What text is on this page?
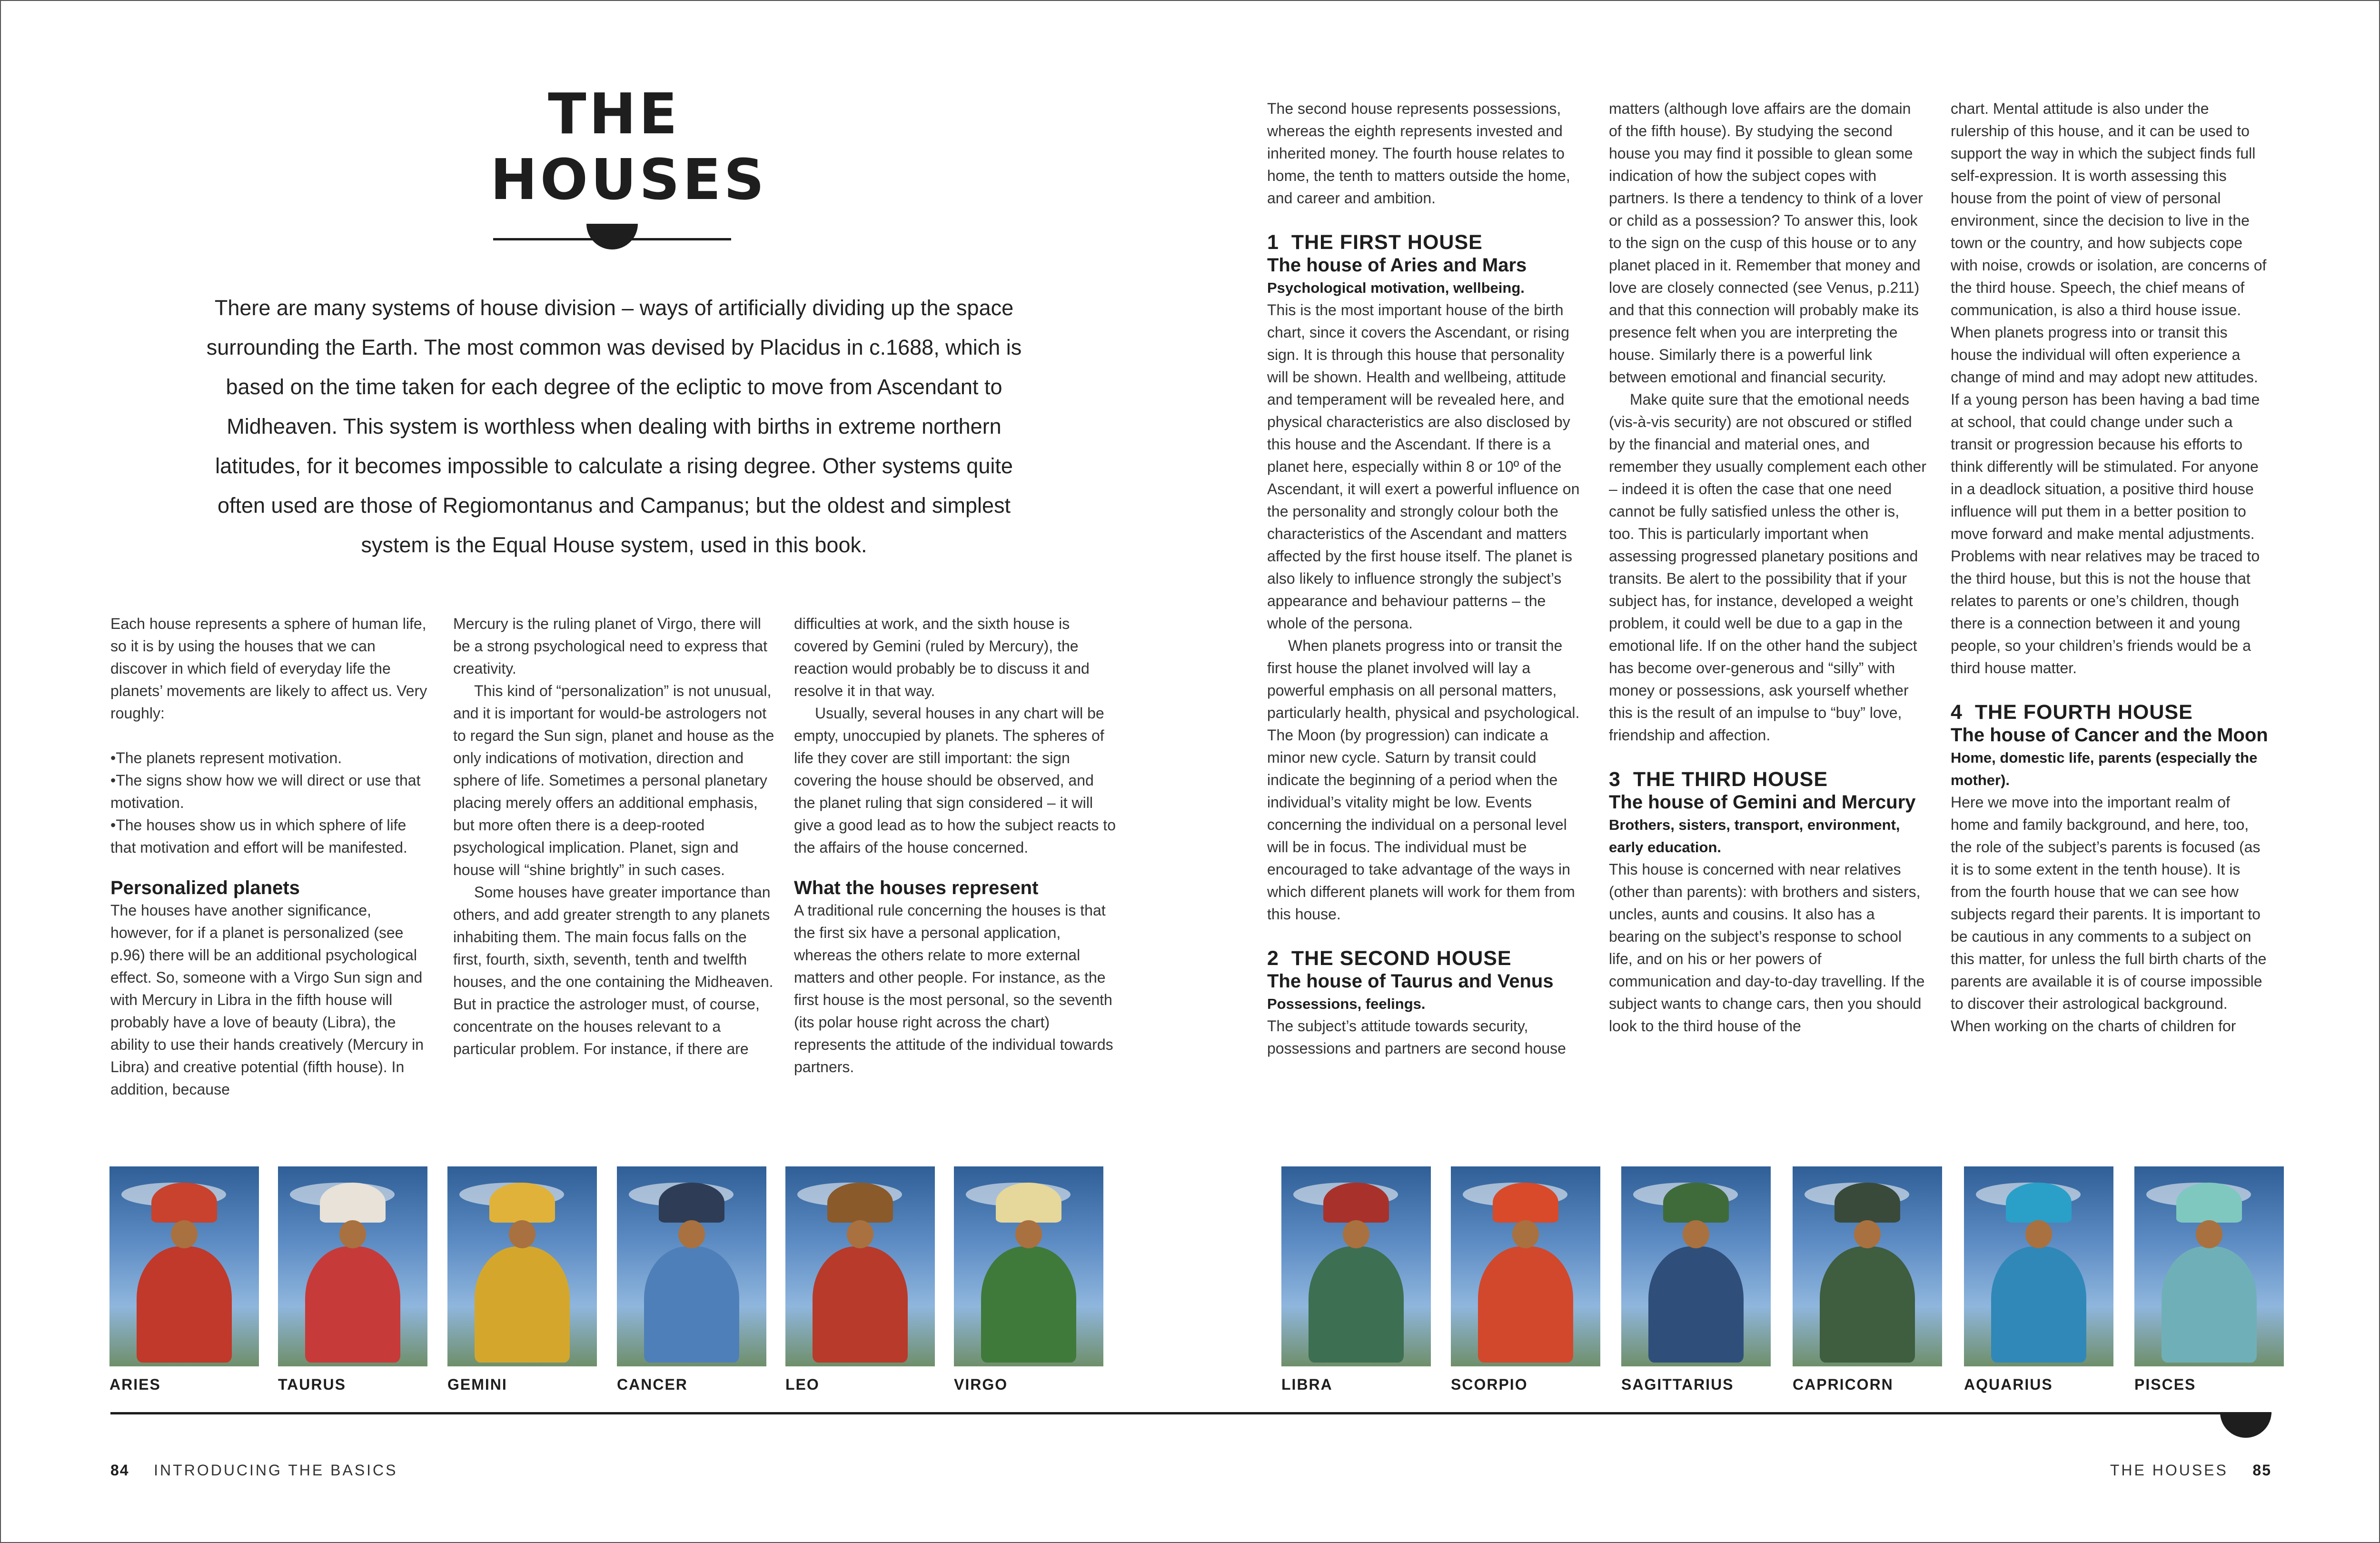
THE
HOUSES
There are many systems of house division – ways of artificially dividing up the space surrounding the Earth. The most common was devised by Placidus in c.1688, which is based on the time taken for each degree of the ecliptic to move from Ascendant to Midheaven. This system is worthless when dealing with births in extreme northern latitudes, for it becomes impossible to calculate a rising degree. Other systems quite often used are those of Regiomontanus and Campanus; but the oldest and simplest system is the Equal House system, used in this book.

Each house represents a sphere of human life, so it is by using the houses that we can discover in which field of everyday life the planets’ movements are likely to affect us. Very roughly:

• The planets represent motivation.

• The signs show how we will direct or use that motivation.

• The houses show us in which sphere of life that motivation and effort will be manifested.

Personalized planets

The houses have another significance, however, for if a planet is personalized (see p.96) there will be an additional psychological effect. So, someone with a Virgo Sun sign and with Mercury in Libra in the fifth house will probably have a love of beauty (Libra), the ability to use their hands creatively (Mercury in Libra) and creative potential (fifth house). In addition, because

Mercury is the ruling planet of Virgo, there will be a strong psychological need to express that creativity.

This kind of “personalization” is not unusual, and it is important for would-be astrologers not to regard the Sun sign, planet and house as the only indications of motivation, direction and sphere of life. Sometimes a personal planetary placing merely offers an additional emphasis, but more often there is a deep-rooted psychological implication. Planet, sign and house will “shine brightly” in such cases.

Some houses have greater importance than others, and add greater strength to any planets inhabiting them. The main focus falls on the first, fourth, sixth, seventh, tenth and twelfth houses, and the one containing the Midheaven. But in practice the astrologer must, of course, concentrate on the houses relevant to a particular problem. For instance, if there are

difficulties at work, and the sixth house is covered by Gemini (ruled by Mercury), the reaction would probably be to discuss it and resolve it in that way.

Usually, several houses in any chart will be empty, unoccupied by planets. The spheres of life they cover are still important: the sign covering the house should be observed, and the planet ruling that sign considered – it will give a good lead as to how the subject reacts to the affairs of the house concerned.

What the houses represent

A traditional rule concerning the houses is that the first six have a personal application, whereas the others relate to more external matters and other people. For instance, as the first house is the most personal, so the seventh (its polar house right across the chart) represents the attitude of the individual towards partners.

The second house represents possessions, whereas the eighth represents invested and inherited money. The fourth house relates to home, the tenth to matters outside the home, and career and ambition.

1 THE FIRST HOUSE
The house of Aries and Mars
Psychological motivation, wellbeing.

This is the most important house of the birth chart, since it covers the Ascendant, or rising sign. It is through this house that personality will be shown. Health and wellbeing, attitude and temperament will be revealed here, and physical characteristics are also disclosed by this house and the Ascendant. If there is a planet here, especially within 8 or 10º of the Ascendant, it will exert a powerful influence on the personality and strongly colour both the characteristics of the Ascendant and matters affected by the first house itself. The planet is also likely to influence strongly the subject’s appearance and behaviour patterns – the whole of the persona.

When planets progress into or transit the first house the planet involved will lay a powerful emphasis on all personal matters, particularly health, physical and psychological. The Moon (by progression) can indicate a minor new cycle. Saturn by transit could indicate the beginning of a period when the individual’s vitality might be low. Events concerning the individual on a personal level will be in focus. The individual must be encouraged to take advantage of the ways in which different planets will work for them from this house.

2 THE SECOND HOUSE
The house of Taurus and Venus
Possessions, feelings.

The subject’s attitude towards security, possessions and partners are second house

matters (although love affairs are the domain of the fifth house). By studying the second house you may find it possible to glean some indication of how the subject copes with partners. Is there a tendency to think of a lover or child as a possession? To answer this, look to the sign on the cusp of this house or to any planet placed in it. Remember that money and love are closely connected (see Venus, p.211) and that this connection will probably make its presence felt when you are interpreting the house. Similarly there is a powerful link between emotional and financial security.

Make quite sure that the emotional needs (vis-à-vis security) are not obscured or stifled by the financial and material ones, and remember they usually complement each other – indeed it is often the case that one need cannot be fully satisfied unless the other is, too. This is particularly important when assessing progressed planetary positions and transits. Be alert to the possibility that if your subject has, for instance, developed a weight problem, it could well be due to a gap in the emotional life. If on the other hand the subject has become over-generous and “silly” with money or possessions, ask yourself whether this is the result of an impulse to “buy” love, friendship and affection.

3 THE THIRD HOUSE
The house of Gemini and Mercury
Brothers, sisters, transport, environment, early education.

This house is concerned with near relatives (other than parents): with brothers and sisters, uncles, aunts and cousins. It also has a bearing on the subject’s response to school life, and on his or her powers of communication and day-to-day travelling. If the subject wants to change cars, then you should look to the third house of the

chart. Mental attitude is also under the rulership of this house, and it can be used to support the way in which the subject finds full self-expression. It is worth assessing this house from the point of view of personal environment, since the decision to live in the town or the country, and how subjects cope with noise, crowds or isolation, are concerns of the third house. Speech, the chief means of communication, is also a third house issue. When planets progress into or transit this house the individual will often experience a change of mind and may adopt new attitudes. If a young person has been having a bad time at school, that could change under such a transit or progression because his efforts to think differently will be stimulated. For anyone in a deadlock situation, a positive third house influence will put them in a better position to move forward and make mental adjustments. Problems with near relatives may be traced to the third house, but this is not the house that relates to parents or one’s children, though there is a connection between it and young people, so your children’s friends would be a third house matter.

4 THE FOURTH HOUSE
The house of Cancer and the Moon
Home, domestic life, parents (especially the mother).

Here we move into the important realm of home and family background, and here, too, the role of the subject’s parents is focused (as it is to some extent in the tenth house). It is from the fourth house that we can see how subjects regard their parents. It is important to be cautious in any comments to a subject on this matter, for unless the full birth charts of the parents are available it is of course impossible to discover their astrological background. When working on the charts of children for

ARIES	TAURUS	GEMINI	CANCER	LEO	VIRGO	LIBRA	SCORPIO	SAGITTARIUS	CAPRICORN	AQUARIUS	PISCES
84 INTRODUCING THE BASICS	THE HOUSES 85
